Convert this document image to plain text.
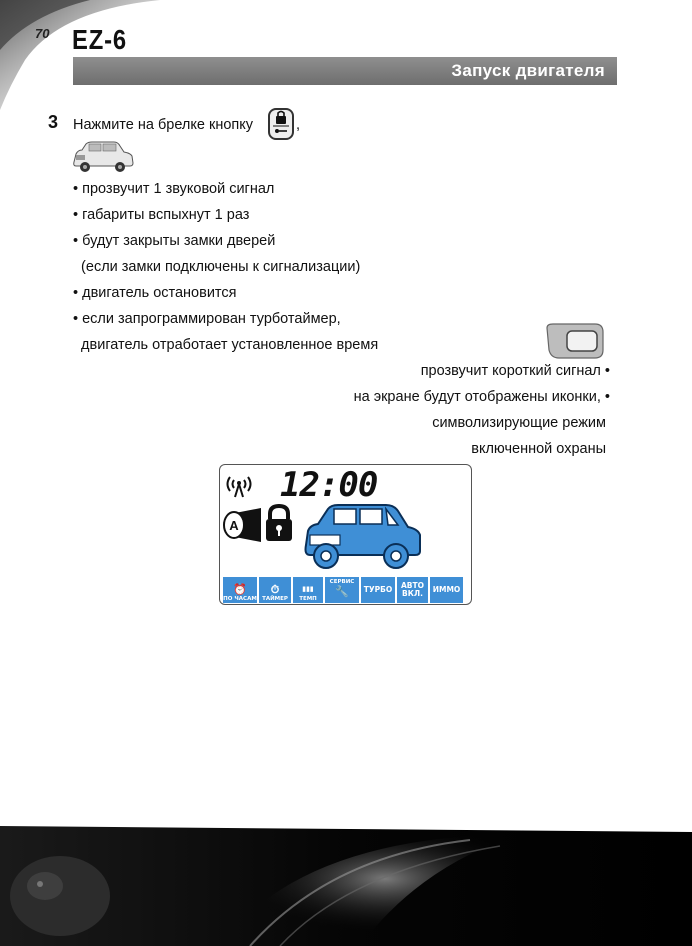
70 EZ-6
Запуск двигателя
3 Нажмите на брелке кнопку	,
• прозвучит 1 звуковой сигнал
• габариты вспыхнут 1 раз
• будут закрыты замки дверей
(если замки подключены к сигнализации)
• двигатель остановится
• если запрограммирован турботаймер,
двигатель отработает установленное время
прозвучит короткий сигнал •
на экране будут отображены иконки, •
символизирующие режим
включенной охраны
12:00
A
⏰
ПО ЧАСАМ
⏱
ТАЙМЕР
▮▮▮
ТЕМП
СЕРВИС
🔧 ТУРБО АВТО ВКЛ.	ИММО
